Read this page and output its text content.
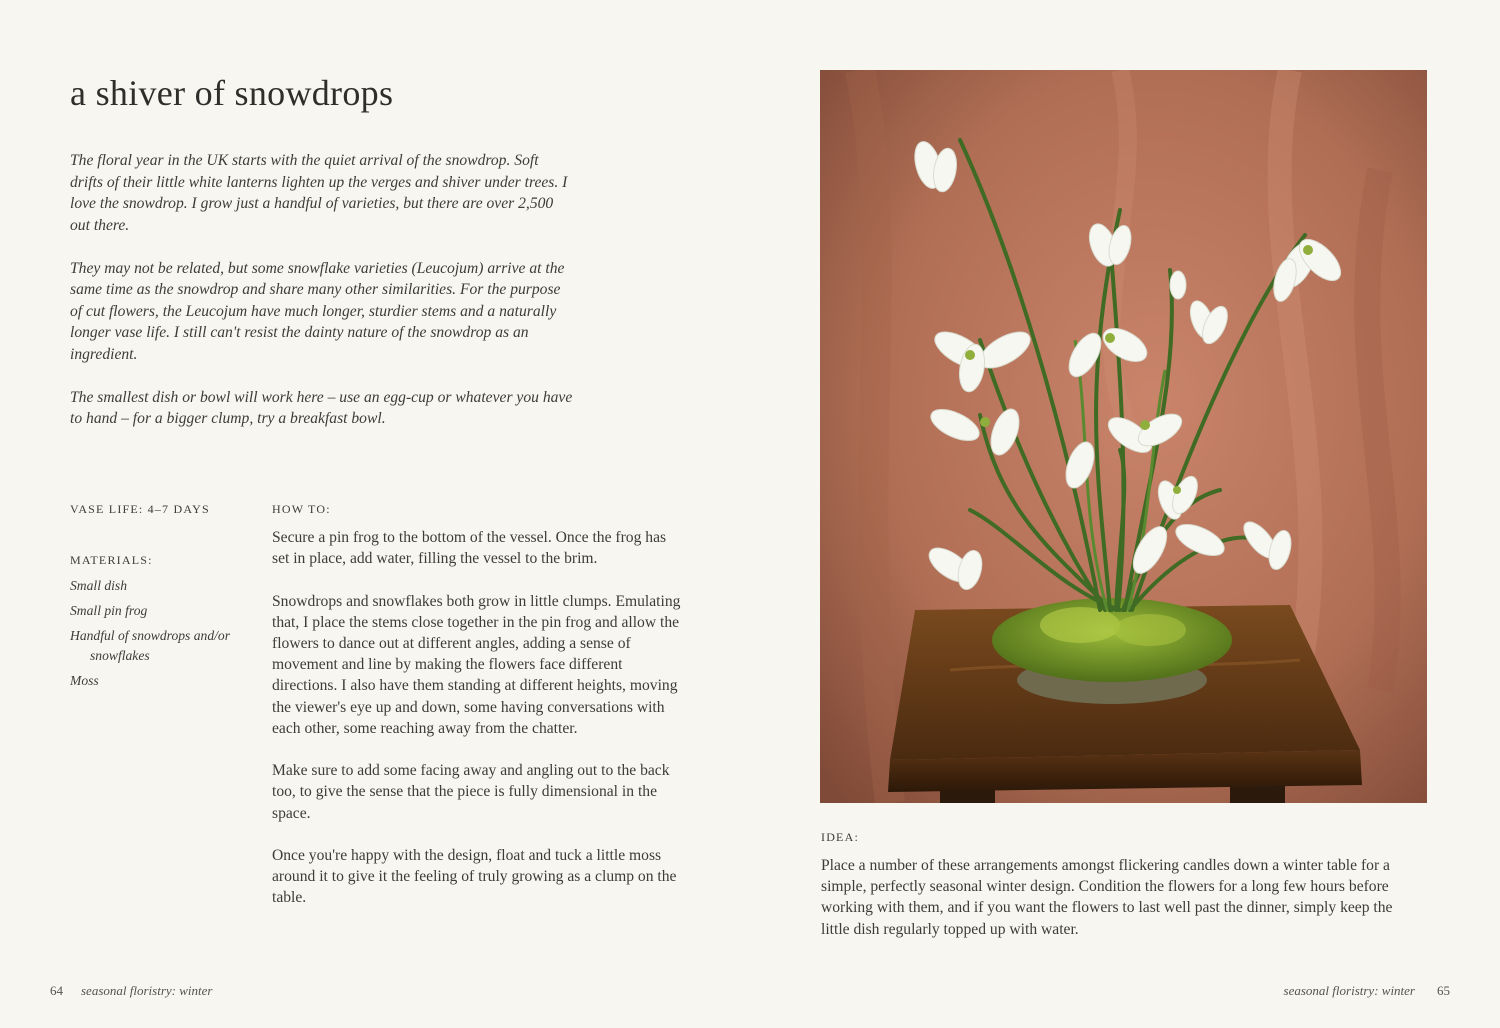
a shiver of snowdrops

The floral year in the UK starts with the quiet arrival of the snowdrop. Soft drifts of their little white lanterns lighten up the verges and shiver under trees. I love the snowdrop. I grow just a handful of varieties, but there are over 2,500 out there.

They may not be related, but some snowflake varieties (Leucojum) arrive at the same time as the snowdrop and share many other similarities. For the purpose of cut flowers, the Leucojum have much longer, sturdier stems and a naturally longer vase life. I still can't resist the dainty nature of the snowdrop as an ingredient.

The smallest dish or bowl will work here – use an egg-cup or whatever you have to hand – for a bigger clump, try a breakfast bowl.

VASE LIFE: 4–7 DAYS
MATERIALS:
Small dish
Small pin frog
Handful of snowdrops and/or snowflakes
Moss
HOW TO:

Secure a pin frog to the bottom of the vessel. Once the frog has set in place, add water, filling the vessel to the brim.

Snowdrops and snowflakes both grow in little clumps. Emulating that, I place the stems close together in the pin frog and allow the flowers to dance out at different angles, adding a sense of movement and line by making the flowers face different directions. I also have them standing at different heights, moving the viewer's eye up and down, some having conversations with each other, some reaching away from the chatter.

Make sure to add some facing away and angling out to the back too, to give the sense that the piece is fully dimensional in the space.

Once you're happy with the design, float and tuck a little moss around it to give it the feeling of truly growing as a clump on the table.

IDEA:
Place a number of these arrangements amongst flickering candles down a winter table for a simple, perfectly seasonal winter design. Condition the flowers for a long few hours before working with them, and if you want the flowers to last well past the dinner, simply keep the little dish regularly topped up with water.
64 seasonal floristry: winter	seasonal floristry: winter 65
